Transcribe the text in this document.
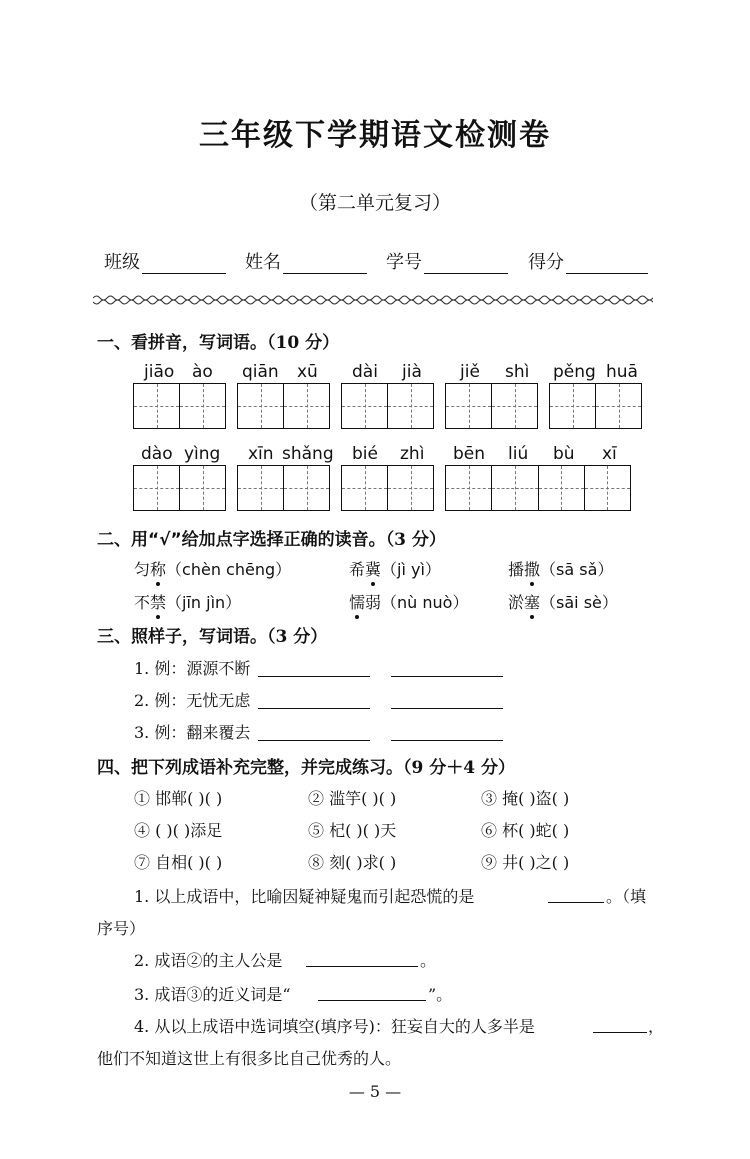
三年级下学期语文检测卷
（第二单元复习）
班级	姓名	学号	得分
一、看拼音，写词语。（10 分）
jiāo ào qiān xū dài jià jiě shì pěng huā
dào yìng xīn shǎng bié zhì bēn liú bù xī
二、用“√”给加点字选择正确的读音。（3 分）
匀称（chèn chēng）	希冀（jì yì）	播撒（sā sǎ）
不禁（jīn jìn）	懦弱（nù nuò） 淤塞（sāi sè）
三、照样子，写词语。（3 分）
1. 例：源源不断
2. 例：无忧无虑
3. 例：翻来覆去
四、把下列成语补充完整，并完成练习。（9 分＋4 分）
① 邯郸( )( )	② 滥竽( )( )	③ 掩( )盗( )
④ ( )( )添足	⑤ 杞( )( )天	⑥ 杯( )蛇( )
⑦ 自相( )( )	⑧ 刻( )求( )	⑨ 井( )之( )
1. 以上成语中，比喻因疑神疑鬼而引起恐慌的是	。（填
序号）
2. 成语②的主人公是	。
3. 成语③的近义词是“	”。
4. 从以上成语中选词填空(填序号)：狂妄自大的人多半是	，
他们不知道这世上有很多比自己优秀的人。
— 5 —
